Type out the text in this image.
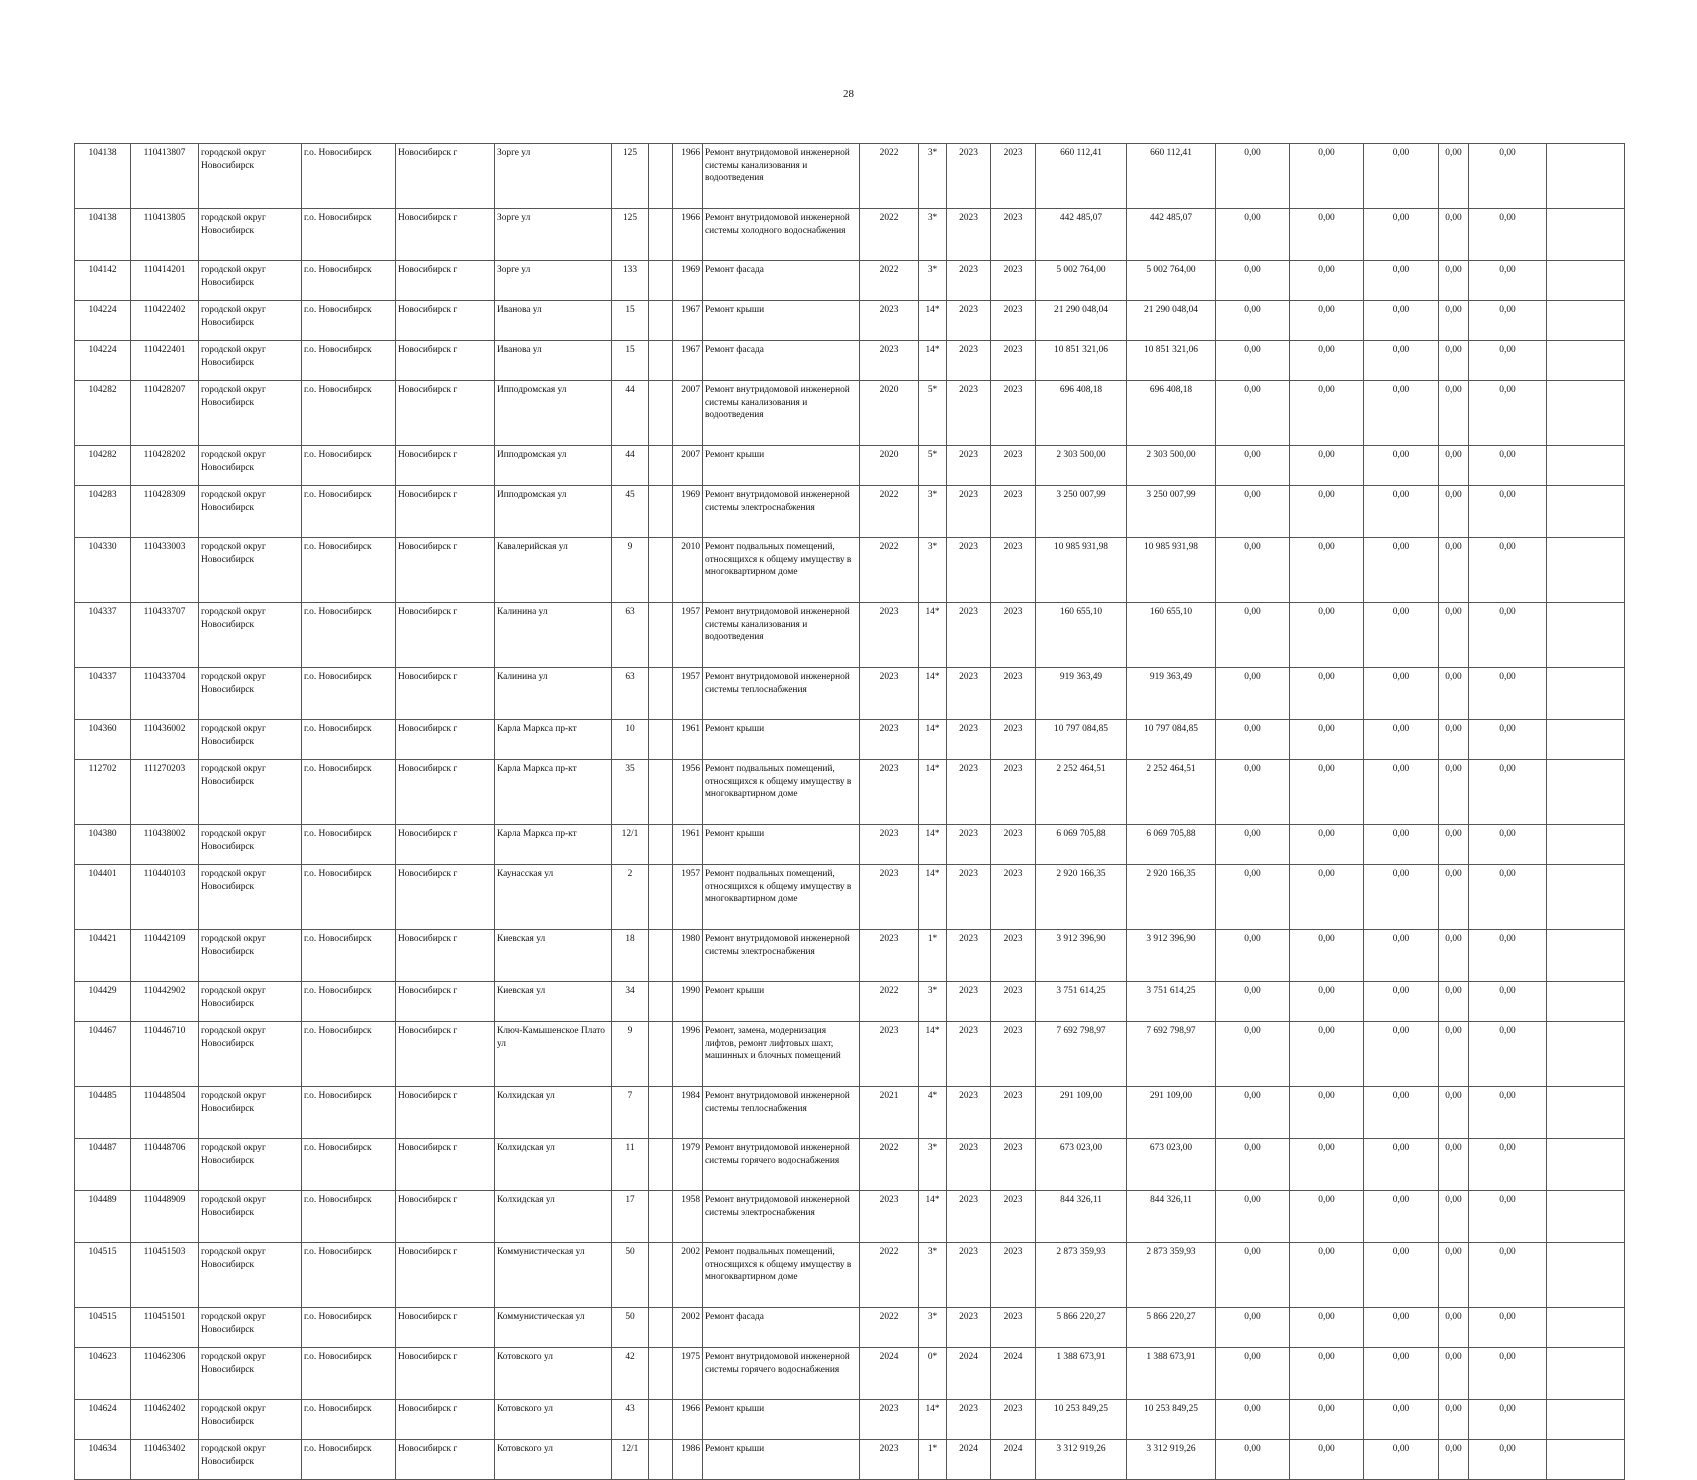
28
104138	110413807	городской округ Новосибирск	г.о. Новосибирск	Новосибирск г	Зорге ул	125		1966	Ремонт внутридомовой инженерной системы канализования и водоотведения	2022	3*	2023	2023	660 112,41	660 112,41	0,00	0,00	0,00	0,00	0,00	
104138	110413805	городской округ Новосибирск	г.о. Новосибирск	Новосибирск г	Зорге ул	125		1966	Ремонт внутридомовой инженерной системы холодного водоснабжения	2022	3*	2023	2023	442 485,07	442 485,07	0,00	0,00	0,00	0,00	0,00	
104142	110414201	городской округ Новосибирск	г.о. Новосибирск	Новосибирск г	Зорге ул	133		1969	Ремонт фасада	2022	3*	2023	2023	5 002 764,00	5 002 764,00	0,00	0,00	0,00	0,00	0,00	
104224	110422402	городской округ Новосибирск	г.о. Новосибирск	Новосибирск г	Иванова ул	15		1967	Ремонт крыши	2023	14*	2023	2023	21 290 048,04	21 290 048,04	0,00	0,00	0,00	0,00	0,00	
104224	110422401	городской округ Новосибирск	г.о. Новосибирск	Новосибирск г	Иванова ул	15		1967	Ремонт фасада	2023	14*	2023	2023	10 851 321,06	10 851 321,06	0,00	0,00	0,00	0,00	0,00	
104282	110428207	городской округ Новосибирск	г.о. Новосибирск	Новосибирск г	Ипподромская ул	44		2007	Ремонт внутридомовой инженерной системы канализования и водоотведения	2020	5*	2023	2023	696 408,18	696 408,18	0,00	0,00	0,00	0,00	0,00	
104282	110428202	городской округ Новосибирск	г.о. Новосибирск	Новосибирск г	Ипподромская ул	44		2007	Ремонт крыши	2020	5*	2023	2023	2 303 500,00	2 303 500,00	0,00	0,00	0,00	0,00	0,00	
104283	110428309	городской округ Новосибирск	г.о. Новосибирск	Новосибирск г	Ипподромская ул	45		1969	Ремонт внутридомовой инженерной системы электроснабжения	2022	3*	2023	2023	3 250 007,99	3 250 007,99	0,00	0,00	0,00	0,00	0,00	
104330	110433003	городской округ Новосибирск	г.о. Новосибирск	Новосибирск г	Кавалерийская ул	9		2010	Ремонт подвальных помещений, относящихся к общему имуществу в многоквартирном доме	2022	3*	2023	2023	10 985 931,98	10 985 931,98	0,00	0,00	0,00	0,00	0,00	
104337	110433707	городской округ Новосибирск	г.о. Новосибирск	Новосибирск г	Калинина ул	63		1957	Ремонт внутридомовой инженерной системы канализования и водоотведения	2023	14*	2023	2023	160 655,10	160 655,10	0,00	0,00	0,00	0,00	0,00	
104337	110433704	городской округ Новосибирск	г.о. Новосибирск	Новосибирск г	Калинина ул	63		1957	Ремонт внутридомовой инженерной системы теплоснабжения	2023	14*	2023	2023	919 363,49	919 363,49	0,00	0,00	0,00	0,00	0,00	
104360	110436002	городской округ Новосибирск	г.о. Новосибирск	Новосибирск г	Карла Маркса пр-кт	10		1961	Ремонт крыши	2023	14*	2023	2023	10 797 084,85	10 797 084,85	0,00	0,00	0,00	0,00	0,00	
112702	111270203	городской округ Новосибирск	г.о. Новосибирск	Новосибирск г	Карла Маркса пр-кт	35		1956	Ремонт подвальных помещений, относящихся к общему имуществу в многоквартирном доме	2023	14*	2023	2023	2 252 464,51	2 252 464,51	0,00	0,00	0,00	0,00	0,00	
104380	110438002	городской округ Новосибирск	г.о. Новосибирск	Новосибирск г	Карла Маркса пр-кт	12/1		1961	Ремонт крыши	2023	14*	2023	2023	6 069 705,88	6 069 705,88	0,00	0,00	0,00	0,00	0,00	
104401	110440103	городской округ Новосибирск	г.о. Новосибирск	Новосибирск г	Каунасская ул	2		1957	Ремонт подвальных помещений, относящихся к общему имуществу в многоквартирном доме	2023	14*	2023	2023	2 920 166,35	2 920 166,35	0,00	0,00	0,00	0,00	0,00	
104421	110442109	городской округ Новосибирск	г.о. Новосибирск	Новосибирск г	Киевская ул	18		1980	Ремонт внутридомовой инженерной системы электроснабжения	2023	1*	2023	2023	3 912 396,90	3 912 396,90	0,00	0,00	0,00	0,00	0,00	
104429	110442902	городской округ Новосибирск	г.о. Новосибирск	Новосибирск г	Киевская ул	34		1990	Ремонт крыши	2022	3*	2023	2023	3 751 614,25	3 751 614,25	0,00	0,00	0,00	0,00	0,00	
104467	110446710	городской округ Новосибирск	г.о. Новосибирск	Новосибирск г	Ключ-Камышенское Плато ул	9		1996	Ремонт, замена, модернизация лифтов, ремонт лифтовых шахт, машинных и блочных помещений	2023	14*	2023	2023	7 692 798,97	7 692 798,97	0,00	0,00	0,00	0,00	0,00	
104485	110448504	городской округ Новосибирск	г.о. Новосибирск	Новосибирск г	Колхидская ул	7		1984	Ремонт внутридомовой инженерной системы теплоснабжения	2021	4*	2023	2023	291 109,00	291 109,00	0,00	0,00	0,00	0,00	0,00	
104487	110448706	городской округ Новосибирск	г.о. Новосибирск	Новосибирск г	Колхидская ул	11		1979	Ремонт внутридомовой инженерной системы горячего водоснабжения	2022	3*	2023	2023	673 023,00	673 023,00	0,00	0,00	0,00	0,00	0,00	
104489	110448909	городской округ Новосибирск	г.о. Новосибирск	Новосибирск г	Колхидская ул	17		1958	Ремонт внутридомовой инженерной системы электроснабжения	2023	14*	2023	2023	844 326,11	844 326,11	0,00	0,00	0,00	0,00	0,00	
104515	110451503	городской округ Новосибирск	г.о. Новосибирск	Новосибирск г	Коммунистическая ул	50		2002	Ремонт подвальных помещений, относящихся к общему имуществу в многоквартирном доме	2022	3*	2023	2023	2 873 359,93	2 873 359,93	0,00	0,00	0,00	0,00	0,00	
104515	110451501	городской округ Новосибирск	г.о. Новосибирск	Новосибирск г	Коммунистическая ул	50		2002	Ремонт фасада	2022	3*	2023	2023	5 866 220,27	5 866 220,27	0,00	0,00	0,00	0,00	0,00	
104623	110462306	городской округ Новосибирск	г.о. Новосибирск	Новосибирск г	Котовского ул	42		1975	Ремонт внутридомовой инженерной системы горячего водоснабжения	2024	0*	2024	2024	1 388 673,91	1 388 673,91	0,00	0,00	0,00	0,00	0,00	
104624	110462402	городской округ Новосибирск	г.о. Новосибирск	Новосибирск г	Котовского ул	43		1966	Ремонт крыши	2023	14*	2023	2023	10 253 849,25	10 253 849,25	0,00	0,00	0,00	0,00	0,00	
104634	110463402	городской округ Новосибирск	г.о. Новосибирск	Новосибирск г	Котовского ул	12/1		1986	Ремонт крыши	2023	1*	2024	2024	3 312 919,26	3 312 919,26	0,00	0,00	0,00	0,00	0,00	
